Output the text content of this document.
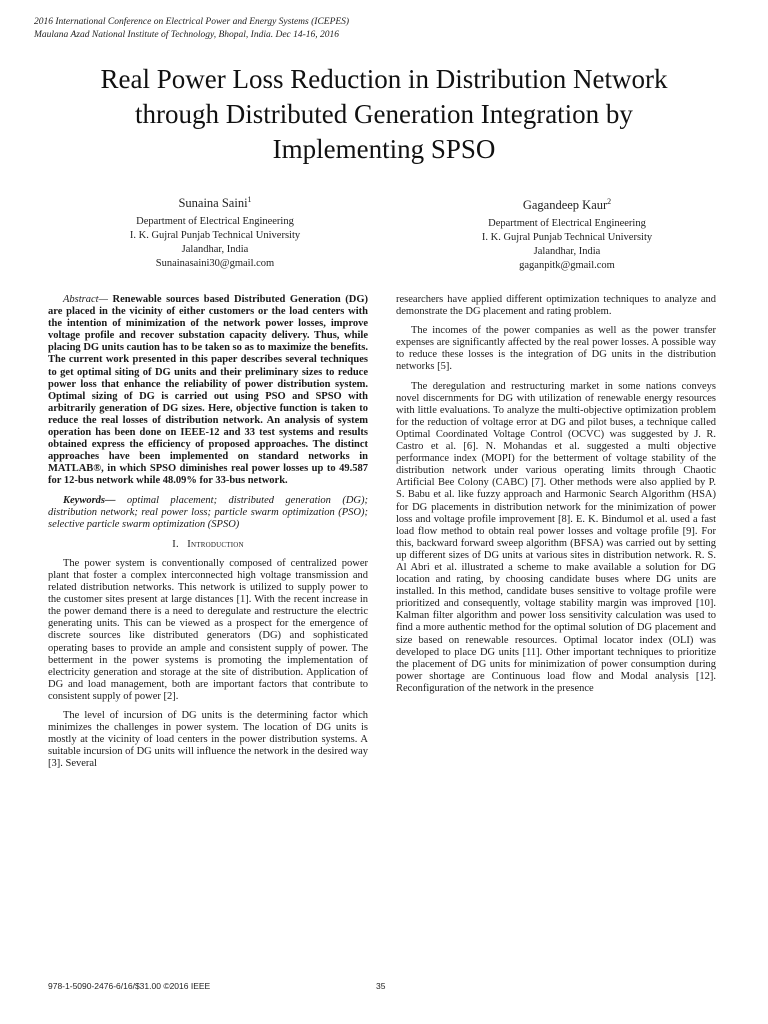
2016 International Conference on Electrical Power and Energy Systems (ICEPES)
Maulana Azad National Institute of Technology, Bhopal, India. Dec 14-16, 2016
Real Power Loss Reduction in Distribution Network
through Distributed Generation Integration by
Implementing SPSO
Sunaina Saini$^1$
Department of Electrical Engineering
I. K. Gujral Punjab Technical University
Jalandhar, India
Sunainasaini30@gmail.com
Gagandeep Kaur$^2$
Department of Electrical Engineering
I. K. Gujral Punjab Technical University
Jalandhar, India
gaganpitk@gmail.com

Abstract— Renewable sources based Distributed Generation (DG) are placed in the vicinity of either customers or the load centers with the intention of minimization of the network power losses, improve voltage profile and recover substation capacity delivery. Thus, while placing DG units caution has to be taken so as to maximize the benefits. The current work presented in this paper describes several techniques to get optimal siting of DG units and their preliminary sizes to reduce power loss that enhance the reliability of power distribution system. Optimal sizing of DG is carried out using PSO and SPSO with arbitrarily generation of DG sizes. Here, objective function is taken to reduce the real losses of distribution network. An analysis of system operation has been done on IEEE-12 and 33 test systems and results obtained express the efficiency of proposed approaches. The distinct approaches have been implemented on standard networks in MATLAB®, in which SPSO diminishes real power losses up to 49.587 for 12-bus network while 48.09% for 33-bus network.

Keywords— optimal placement; distributed generation (DG); distribution network; real power loss; particle swarm optimization (PSO); selective particle swarm optimization (SPSO)

I. Introduction

The power system is conventionally composed of centralized power plant that foster a complex interconnected high voltage transmission and related distribution networks. This network is utilized to supply power to the customer sites present at large distances [1]. With the recent increase in the power demand there is a need to deregulate and restructure the electric generating units. This can be viewed as a prospect for the emergence of discrete sources like distributed generators (DG) and sophisticated operating bases to provide an ample and consistent supply of power. The betterment in the power systems is promoting the implementation of electricity generation and storage at the site of distribution. Application of DG and load management, both are important factors that contribute to consistent supply of power [2].

The level of incursion of DG units is the determining factor which minimizes the challenges in power system. The location of DG units is mostly at the vicinity of load centers in the power distribution systems. A suitable incursion of DG units will influence the network in the desired way [3]. Several

researchers have applied different optimization techniques to analyze and demonstrate the DG placement and rating problem.

The incomes of the power companies as well as the power transfer expenses are significantly affected by the real power losses. A possible way to reduce these losses is the integration of DG units in the distribution networks [5].

The deregulation and restructuring market in some nations conveys novel discernments for DG with utilization of renewable energy resources with little evaluations. To analyze the multi-objective optimization problem for the reduction of voltage error at DG and pilot buses, a technique called Optimal Coordinated Voltage Control (OCVC) was suggested by J. R. Castro et al. [6]. N. Mohandas et al. suggested a multi objective performance index (MOPI) for the betterment of voltage stability of the distribution network under various operating limits through Chaotic Artificial Bee Colony (CABC) [7]. Other methods were also applied by P. S. Babu et al. like fuzzy approach and Harmonic Search Algorithm (HSA) for DG placements in distribution network for the minimization of power loss and voltage profile improvement [8]. E. K. Bindumol et al. used a fast load flow method to obtain real power losses and voltage profile [9]. For this, backward forward sweep algorithm (BFSA) was carried out by setting up different sizes of DG units at various sites in distribution network. R. S. Al Abri et al. illustrated a scheme to make available a solution for DG location and rating, by choosing candidate buses where DG units are installed. In this method, candidate buses sensitive to voltage profile were prioritized and consequently, voltage stability margin was improved [10]. Kalman filter algorithm and power loss sensitivity calculation was used to find a more authentic method for the optimal solution of DG placement and size based on renewable resources. Optimal locator index (OLI) was developed to place DG units [11]. Other important techniques to prioritize the placement of DG units for minimization of power consumption during power shortage are Continuous load flow and Modal analysis [12]. Reconfiguration of the network in the presence

978-1-5090-2476-6/16/$31.00 ©2016 IEEE	35
